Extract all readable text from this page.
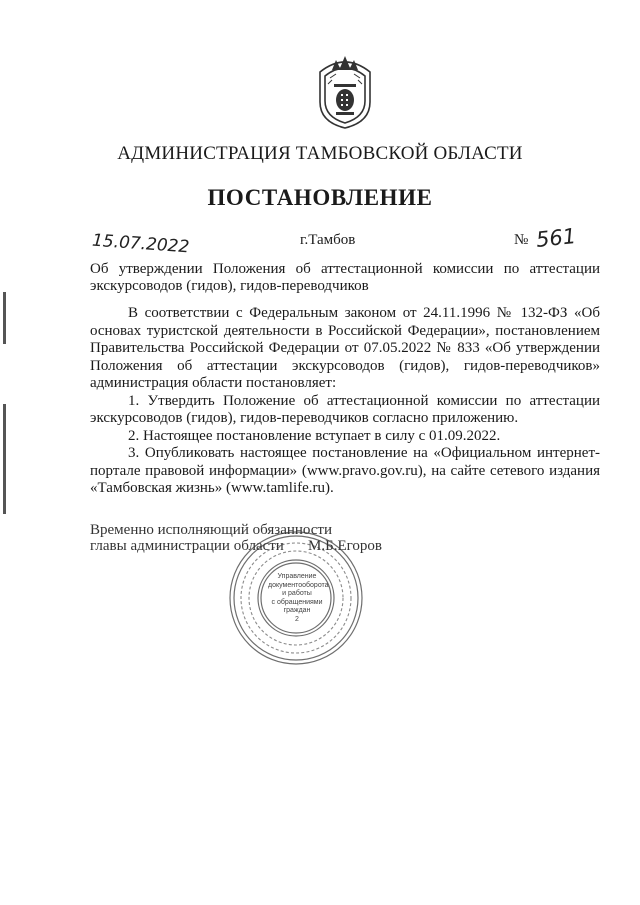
АДМИНИСТРАЦИЯ ТАМБОВСКОЙ ОБЛАСТИ
ПОСТАНОВЛЕНИЕ
15.07.2022	г.Тамбов	№ 561
Об утверждении Положения об аттестационной комиссии по аттестации экскурсоводов (гидов), гидов-переводчиков

В соответствии с Федеральным законом от 24.11.1996 № 132-ФЗ «Об основах туристской деятельности в Российской Федерации», постановлением Правительства Российской Федерации от 07.05.2022 № 833 «Об утверждении Положения об аттестации экскурсоводов (гидов), гидов-переводчиков» администрация области постановляет:

1. Утвердить Положение об аттестационной комиссии по аттестации экскурсоводов (гидов), гидов-переводчиков согласно приложению.

2. Настоящее постановление вступает в силу с 01.09.2022.

3. Опубликовать настоящее постановление на «Официальном интернет-портале правовой информации» (www.pravo.gov.ru), на сайте сетевого издания «Тамбовская жизнь» (www.tamlife.ru).

Управление
документооборота
и работы
с обращениями
граждан
2
Временно исполняющий обязанности
главы администрации области	М.Б.Егоров
